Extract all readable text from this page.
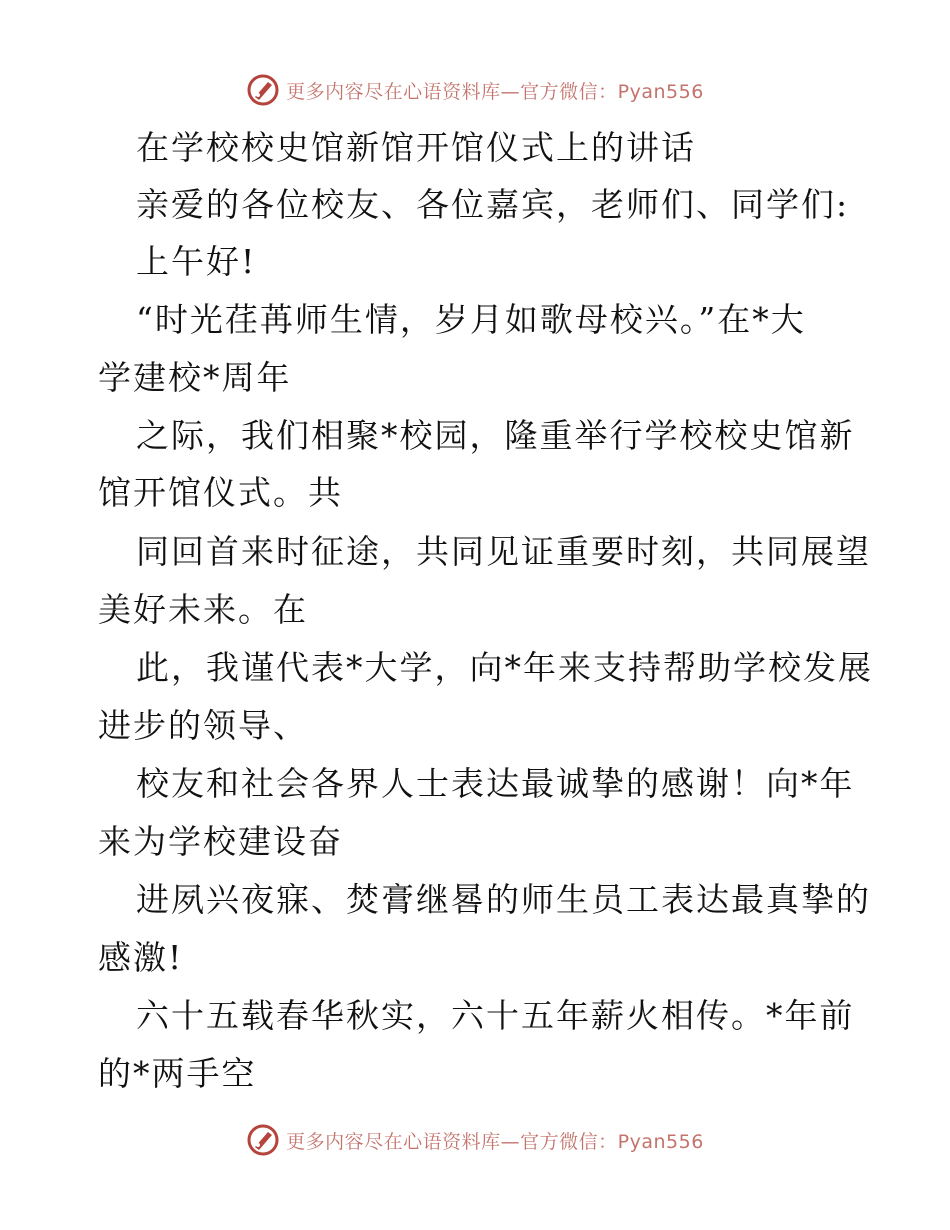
更多内容尽在心语资料库—官方微信：Pyan556
在学校校史馆新馆开馆仪式上的讲话
亲爱的各位校友、各位嘉宾，老师们、同学们:
上午好!
“时光荏苒师生情，岁月如歌母校兴。”在*大
学建校*周年
之际，我们相聚*校园，隆重举行学校校史馆新
馆开馆仪式。共
同回首来时征途，共同见证重要时刻，共同展望
美好未来。在
此，我谨代表*大学，向*年来支持帮助学校发展
进步的领导、
校友和社会各界人士表达最诚挚的感谢！向*年
来为学校建设奋
进夙兴夜寐、焚膏继晷的师生员工表达最真挚的
感激!
六十五载春华秋实，六十五年薪火相传。*年前
的*两手空
更多内容尽在心语资料库—官方微信：Pyan556
